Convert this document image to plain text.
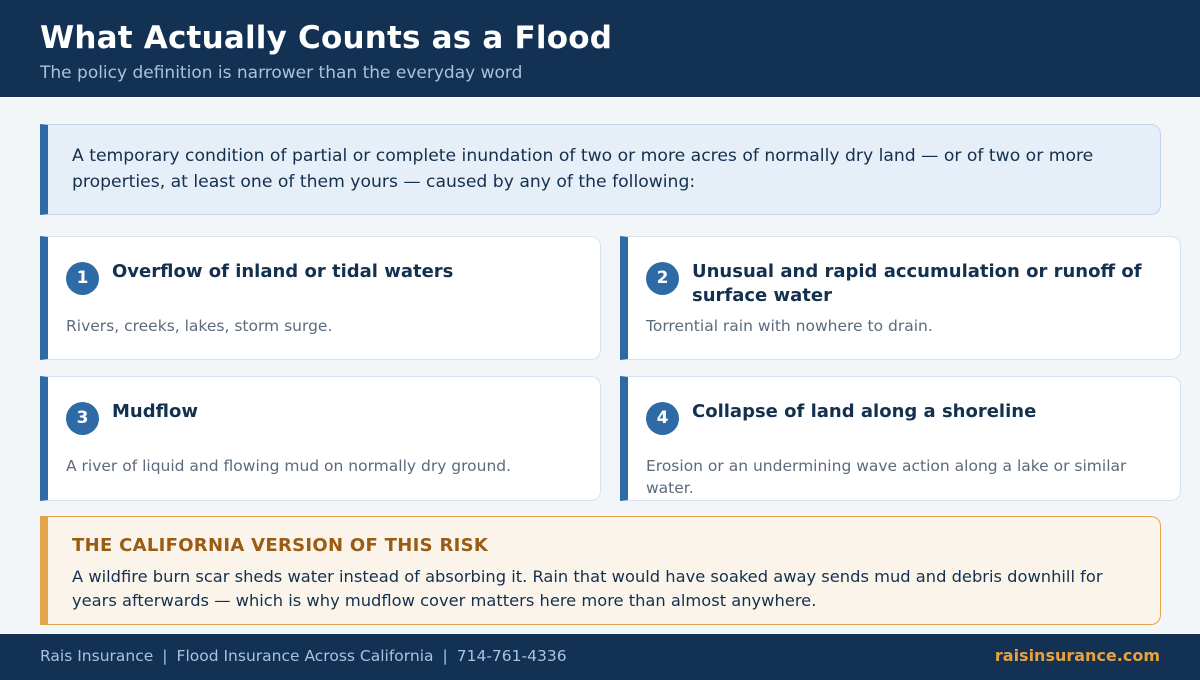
What Actually Counts as a Flood
The policy definition is narrower than the everyday word

A temporary condition of partial or complete inundation of two or more acres of normally dry land — or of two or more properties, at least one of them yours — caused by any of the following:

1	Overflow of inland or tidal waters
Rivers, creeks, lakes, storm surge.
2	Unusual and rapid accumulation or runoff of surface water
Torrential rain with nowhere to drain.
3	Mudflow
A river of liquid and flowing mud on normally dry ground.
4	Collapse of land along a shoreline
Erosion or an undermining wave action along a lake or similar water.
THE CALIFORNIA VERSION OF THIS RISK
A wildfire burn scar sheds water instead of absorbing it. Rain that would have soaked away sends mud and debris downhill for years afterwards — which is why mudflow cover matters here more than almost anywhere.
Rais Insurance | Flood Insurance Across California | 714-761-4336	raisinsurance.com
